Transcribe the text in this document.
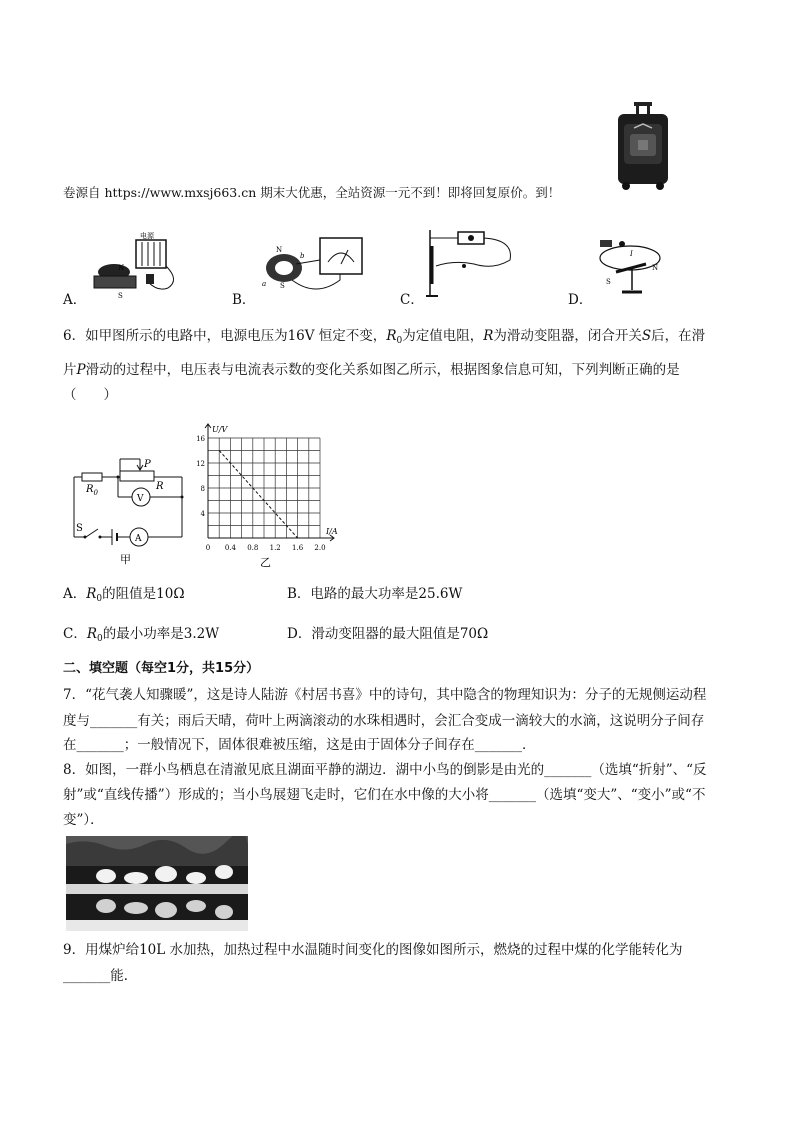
卷源自 https://www.mxsj663.cn 期末大优惠，全站资源一元不到！即将回复原价。到！
电源
N
S
A．
N
S
a
b
B．	C．
S
N
I
D．
6．如甲图所示的电路中，电源电压为16V 恒定不变，$R_0$为定值电阻，R为滑动变阻器，闭合开关S后，在滑
片P滑动的过程中，电压表与电流表示数的变化关系如图乙所示，根据图象信息可知，下列判断正确的是
（　　）
$R_0$
P
R
V
A
S
甲
0 0.4 0.8 1.2 1.6 2.0
4
8
12
16
U/V
I/A
乙
A．$R_0$的阻值是10Ω	B．电路的最大功率是25.6W
C．$R_0$的最小功率是3.2W	D．滑动变阻器的最大阻值是70Ω
二、填空题（每空1分，共15分）
7．“花气袭人知骤暖”，这是诗人陆游《村居书喜》中的诗句，其中隐含的物理知识为：分子的无规侧运动程
度与_______有关；雨后天晴，荷叶上两滴滚动的水珠相遇时，会汇合变成一滴较大的水滴，这说明分子间存
在_______；一般情况下，固体很难被压缩，这是由于固体分子间存在_______．
8．如图，一群小鸟栖息在清澈见底且湖面平静的湖边．湖中小鸟的倒影是由光的_______（选填“折射”、“反
射”或“直线传播”）形成的；当小鸟展翅飞走时，它们在水中像的大小将_______（选填“变大”、“变小”或“不
变”）．
9．用煤炉给10L 水加热，加热过程中水温随时间变化的图像如图所示，燃烧的过程中煤的化学能转化为
_______能．
